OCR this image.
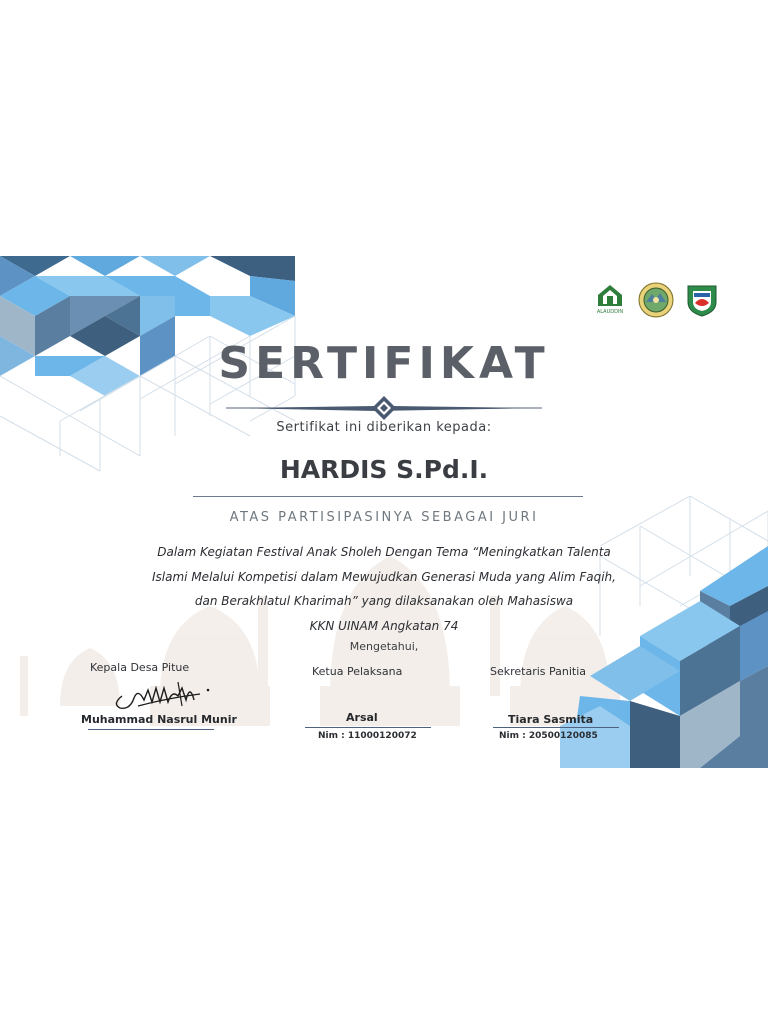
ALAUDDIN
SERTIFIKAT
Sertifikat ini diberikan kepada:
HARDIS S.Pd.I.
ATAS PARTISIPASINYA SEBAGAI JURI
Dalam Kegiatan Festival Anak Sholeh Dengan Tema “Meningkatkan Talenta
Islami Melalui Kompetisi dalam Mewujudkan Generasi Muda yang Alim Faqih,
dan Berakhlatul Kharimah” yang dilaksanakan oleh Mahasiswa
KKN UINAM Angkatan 74
Mengetahui,
Kepala Desa Pitue
Muhammad Nasrul Munir
Ketua Pelaksana
Arsal
Nim : 11000120072
Sekretaris Panitia
Tiara Sasmita
Nim : 20500120085
